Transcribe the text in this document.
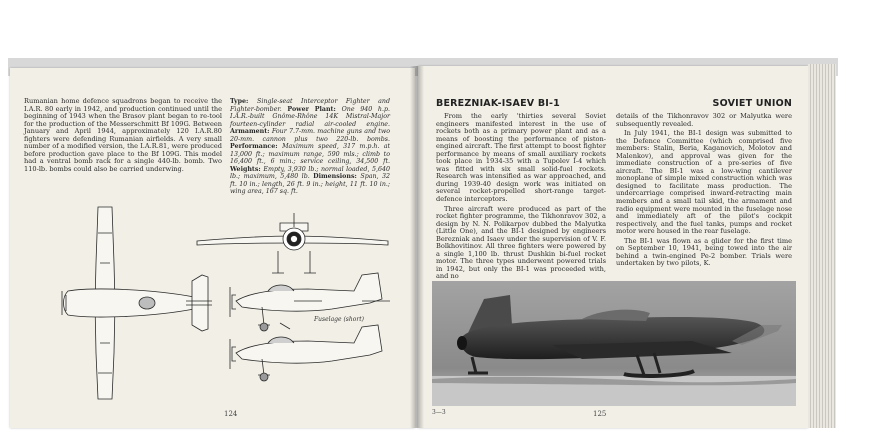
Rumanian home defence squadrons began to receive the I.A.R. 80 early in 1942, and production continued until the beginning of 1943 when the Brasov plant began to re-tool for the production of the Messerschmitt Bf 109G. Between January and April 1944, approximately 120 I.A.R.80 fighters were defending Rumanian airfields. A very small number of a modified version, the I.A.R.81, were produced before production gave place to the Bf 109G. This model had a ventral bomb rack for a single 440-lb. bomb. Two 110-lb. bombs could also be carried underwing.

Type: Single-seat Interceptor Fighter and Fighter-bomber. Power Plant: One 940 h.p. I.A.R.-built Gnôme-Rhône 14K Mistral-Major fourteen-cylinder radial air-cooled engine. Armament: Four 7.7-mm. machine guns and two 20-mm. cannon plus two 220-lb. bombs. Performance: Maximum speed, 317 m.p.h. at 13,000 ft.; maximum range, 590 mls.; climb to 16,400 ft., 6 min.; service ceiling, 34,500 ft. Weights: Empty, 3,930 lb.; normal loaded, 5,640 lb.; maximum, 5,480 lb. Dimensions: Span, 32 ft. 10 in.; length, 26 ft. 9 in.; height, 11 ft. 10 in.; wing area, 167 sq. ft.
Fuselage (short)
124
BEREZNIAK-ISAEV BI-1	SOVIET UNION

From the early 'thirties several Soviet engineers manifested interest in the use of rockets both as a primary power plant and as a means of boosting the performance of piston-engined aircraft. The first attempt to boost fighter performance by means of small auxiliary rockets took place in 1934-35 with a Tupolev I-4 which was fitted with six small solid-fuel rockets. Research was intensified as war approached, and during 1939-40 design work was initiated on several rocket-propelled short-range target-defence interceptors.

Three aircraft were produced as part of the rocket fighter programme, the Tikhonravov 302, a design by N. N. Polikarpov dubbed the Malyutka (Little One), and the BI-1 designed by engineers Berezniak and Isaev under the supervision of V. F. Bolkhovitinov. All three fighters were powered by a single 1,100 lb. thrust Dushkin bi-fuel rocket motor. The three types underwent powered trials in 1942, but only the BI-1 was proceeded with, and no

details of the Tikhonravov 302 or Malyutka were subsequently revealed.

In July 1941, the BI-1 design was submitted to the Defence Committee (which comprised five members: Stalin, Beria, Kaganovich, Molotov and Malenkov), and approval was given for the immediate construction of a pre-series of five aircraft. The BI-1 was a low-wing cantilever monoplane of simple mixed construction which was designed to facilitate mass production. The undercarriage comprised inward-retracting main members and a small tail skid, the armament and radio equipment were mounted in the fuselage nose and immediately aft of the pilot's cockpit respectively, and the fuel tanks, pumps and rocket motor were housed in the rear fuselage.

The BI-1 was flown as a glider for the first time on September 10, 1941, being towed into the air behind a twin-engined Pe-2 bomber. Trials were undertaken by two pilots, K.

3—3	125
